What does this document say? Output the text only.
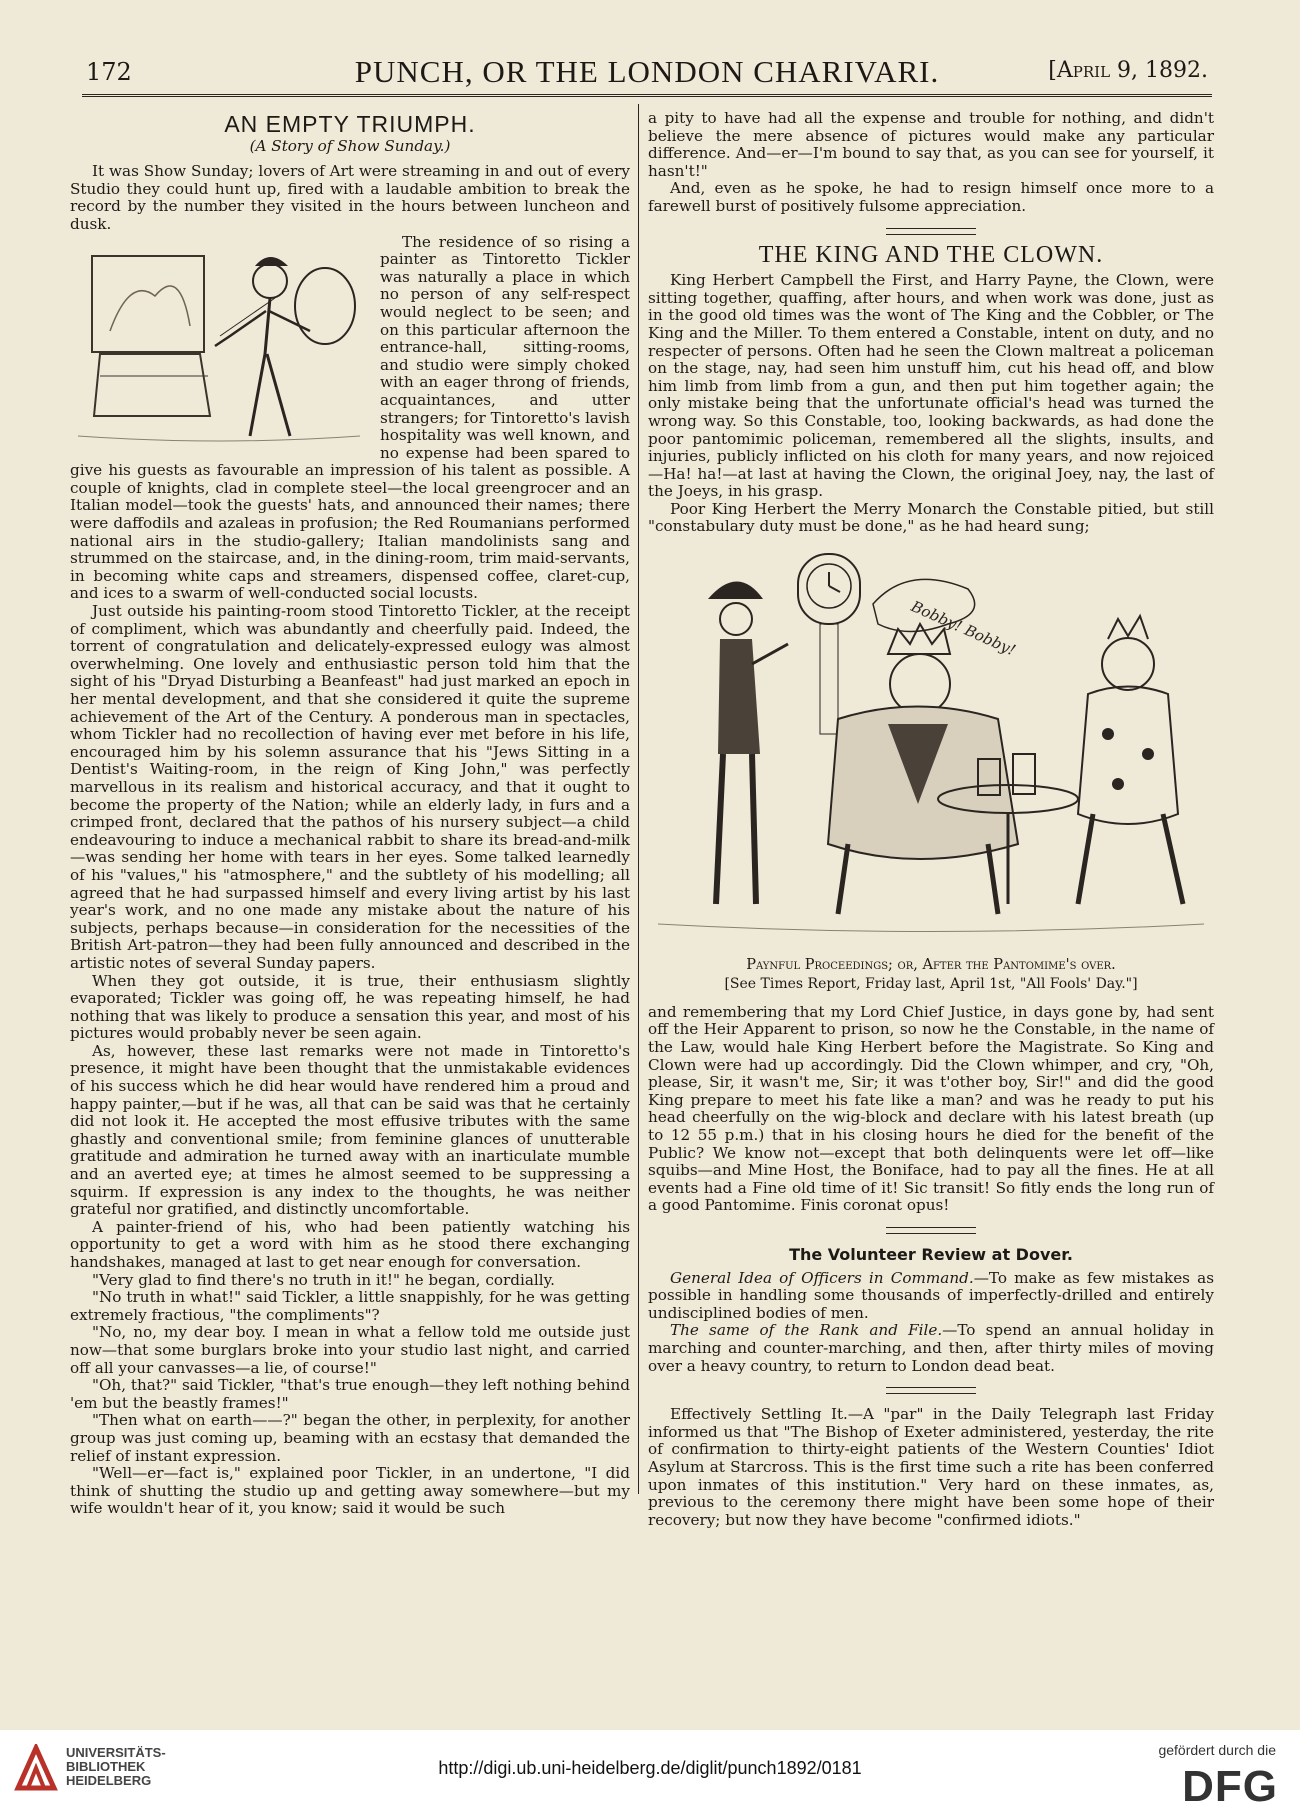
172	PUNCH, OR THE LONDON CHARIVARI.	[April 9, 1892.
AN EMPTY TRIUMPH.
(A Story of Show Sunday.)

It was Show Sunday; lovers of Art were streaming in and out of every Studio they could hunt up, fired with a laudable ambition to break the record by the number they visited in the hours between luncheon and dusk.

The residence of so rising a painter as Tintoretto Tickler was naturally a place in which no person of any self-respect would neglect to be seen; and on this particular afternoon the entrance-hall, sitting-rooms, and studio were simply choked with an eager throng of friends, acquaintances, and utter strangers; for Tintoretto's lavish hospitality was well known, and no expense had been spared to give his guests as favourable an impression of his talent as possible. A couple of knights, clad in complete steel—the local greengrocer and an Italian model—took the guests' hats, and announced their names; there were daffodils and azaleas in profusion; the Red Roumanians performed national airs in the studio-gallery; Italian mandolinists sang and strummed on the staircase, and, in the dining-room, trim maid-servants, in becoming white caps and streamers, dispensed coffee, claret-cup, and ices to a swarm of well-conducted social locusts.

Just outside his painting-room stood Tintoretto Tickler, at the receipt of compliment, which was abundantly and cheerfully paid. Indeed, the torrent of congratulation and delicately-expressed eulogy was almost overwhelming. One lovely and enthusiastic person told him that the sight of his "Dryad Disturbing a Beanfeast" had just marked an epoch in her mental development, and that she considered it quite the supreme achievement of the Art of the Century. A ponderous man in spectacles, whom Tickler had no recollection of having ever met before in his life, encouraged him by his solemn assurance that his "Jews Sitting in a Dentist's Waiting-room, in the reign of King John," was perfectly marvellous in its realism and historical accuracy, and that it ought to become the property of the Nation; while an elderly lady, in furs and a crimped front, declared that the pathos of his nursery subject—a child endeavouring to induce a mechanical rabbit to share its bread-and-milk—was sending her home with tears in her eyes. Some talked learnedly of his "values," his "atmosphere," and the subtlety of his modelling; all agreed that he had surpassed himself and every living artist by his last year's work, and no one made any mistake about the nature of his subjects, perhaps because—in consideration for the necessities of the British Art-patron—they had been fully announced and described in the artistic notes of several Sunday papers.

When they got outside, it is true, their enthusiasm slightly evaporated; Tickler was going off, he was repeating himself, he had nothing that was likely to produce a sensation this year, and most of his pictures would probably never be seen again.

As, however, these last remarks were not made in Tintoretto's presence, it might have been thought that the unmistakable evidences of his success which he did hear would have rendered him a proud and happy painter,—but if he was, all that can be said was that he certainly did not look it. He accepted the most effusive tributes with the same ghastly and conventional smile; from feminine glances of unutterable gratitude and admiration he turned away with an inarticulate mumble and an averted eye; at times he almost seemed to be suppressing a squirm. If expression is any index to the thoughts, he was neither grateful nor gratified, and distinctly uncomfortable.

A painter-friend of his, who had been patiently watching his opportunity to get a word with him as he stood there exchanging handshakes, managed at last to get near enough for conversation.

"Very glad to find there's no truth in it!" he began, cordially.

"No truth in what!" said Tickler, a little snappishly, for he was getting extremely fractious, "the compliments"?

"No, no, my dear boy. I mean in what a fellow told me outside just now—that some burglars broke into your studio last night, and carried off all your canvasses—a lie, of course!"

"Oh, that?" said Tickler, "that's true enough—they left nothing behind 'em but the beastly frames!"

"Then what on earth——?" began the other, in perplexity, for another group was just coming up, beaming with an ecstasy that demanded the relief of instant expression.

"Well—er—fact is," explained poor Tickler, in an undertone, "I did think of shutting the studio up and getting away somewhere—but my wife wouldn't hear of it, you know; said it would be such

a pity to have had all the expense and trouble for nothing, and didn't believe the mere absence of pictures would make any particular difference. And—er—I'm bound to say that, as you can see for yourself, it hasn't!"

And, even as he spoke, he had to resign himself once more to a farewell burst of positively fulsome appreciation.

THE KING AND THE CLOWN.

King Herbert Campbell the First, and Harry Payne, the Clown, were sitting together, quaffing, after hours, and when work was done, just as in the good old times was the wont of The King and the Cobbler, or The King and the Miller. To them entered a Constable, intent on duty, and no respecter of persons. Often had he seen the Clown maltreat a policeman on the stage, nay, had seen him unstuff him, cut his head off, and blow him limb from limb from a gun, and then put him together again; the only mistake being that the unfortunate official's head was turned the wrong way. So this Constable, too, looking backwards, as had done the poor pantomimic policeman, remembered all the slights, insults, and injuries, publicly inflicted on his cloth for many years, and now rejoiced—Ha! ha!—at last at having the Clown, the original Joey, nay, the last of the Joeys, in his grasp.

Poor King Herbert the Merry Monarch the Constable pitied, but still "constabulary duty must be done," as he had heard sung;

Bobby! Bobby!
Paynful Proceedings; or, After the Pantomime's over.
[See Times Report, Friday last, April 1st, "All Fools' Day."]

and remembering that my Lord Chief Justice, in days gone by, had sent off the Heir Apparent to prison, so now he the Constable, in the name of the Law, would hale King Herbert before the Magistrate. So King and Clown were had up accordingly. Did the Clown whimper, and cry, "Oh, please, Sir, it wasn't me, Sir; it was t'other boy, Sir!" and did the good King prepare to meet his fate like a man? and was he ready to put his head cheerfully on the wig-block and declare with his latest breath (up to 12 55 p.m.) that in his closing hours he died for the benefit of the Public? We know not—except that both delinquents were let off—like squibs—and Mine Host, the Boniface, had to pay all the fines. He at all events had a Fine old time of it! Sic transit! So fitly ends the long run of a good Pantomime. Finis coronat opus!

The Volunteer Review at Dover.

General Idea of Officers in Command.—To make as few mistakes as possible in handling some thousands of imperfectly-drilled and entirely undisciplined bodies of men.

The same of the Rank and File.—To spend an annual holiday in marching and counter-marching, and then, after thirty miles of moving over a heavy country, to return to London dead beat.

Effectively Settling It.—A "par" in the Daily Telegraph last Friday informed us that "The Bishop of Exeter administered, yesterday, the rite of confirmation to thirty-eight patients of the Western Counties' Idiot Asylum at Starcross. This is the first time such a rite has been conferred upon inmates of this institution." Very hard on these inmates, as, previous to the ceremony there might have been some hope of their recovery; but now they have become "confirmed idiots."

UNIVERSITÄTS-
BIBLIOTHEK
HEIDELBERG
http://digi.ub.uni-heidelberg.de/diglit/punch1892/0181
gefördert durch die
DFG
